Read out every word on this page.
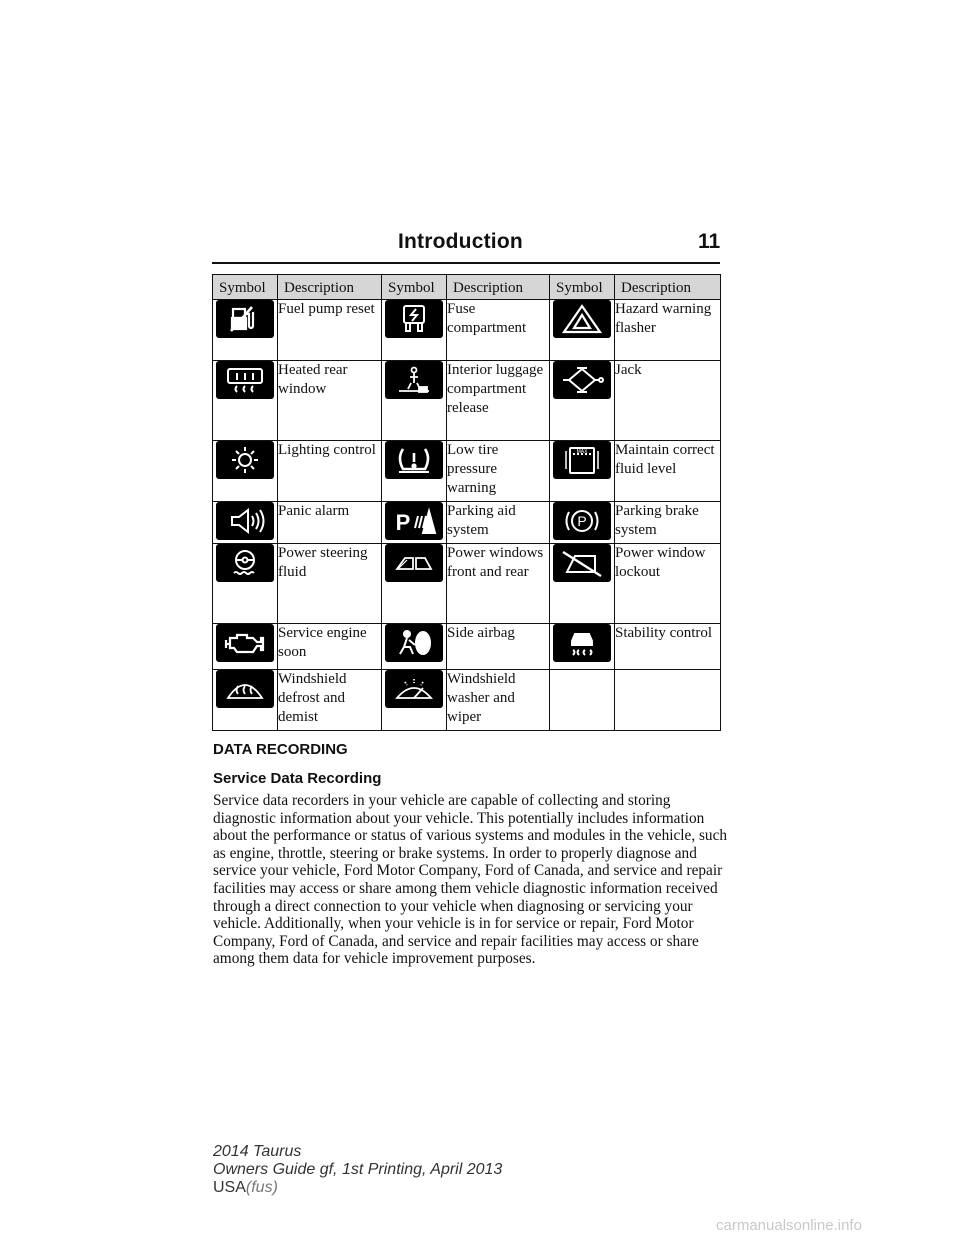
Introduction	11
Symbol	Description	Symbol	Description	Symbol	Description

	Fuel pump reset		Fuse compartment		Hazard warning flasher

	Heated rear window		Interior luggage compartment release		Jack

	Lighting control		Low tire pressure warning	MAX	Maintain correct fluid level

	Panic alarm	P	Parking aid system	P	Parking brake system

	Power steering fluid		Power windows front and rear		Power window lockout

	Service engine soon		Side airbag		Stability control

	Windshield defrost and demist		Windshield washer and wiper		
DATA RECORDING
Service Data Recording

Service data recorders in your vehicle are capable of collecting and storing diagnostic information about your vehicle. This potentially includes information about the performance or status of various systems and modules in the vehicle, such as engine, throttle, steering or brake systems. In order to properly diagnose and service your vehicle, Ford Motor Company, Ford of Canada, and service and repair facilities may access or share among them vehicle diagnostic information received through a direct connection to your vehicle when diagnosing or servicing your vehicle. Additionally, when your vehicle is in for service or repair, Ford Motor Company, Ford of Canada, and service and repair facilities may access or share among them data for vehicle improvement purposes.

2014 Taurus
Owners Guide gf, 1st Printing, April 2013
USA(fus)
carmanualsonline.info
